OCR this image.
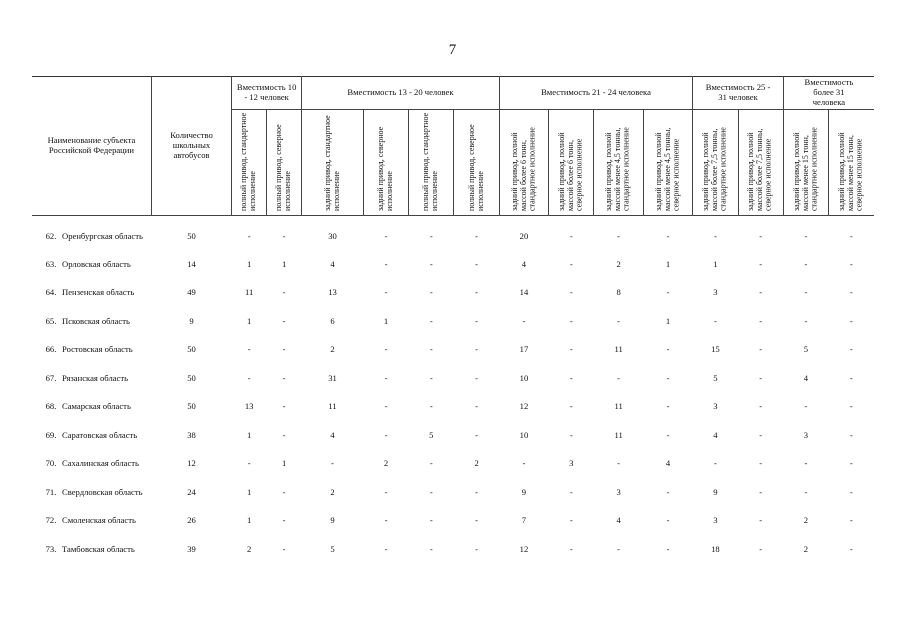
7
Наименование субъекта Российской Федерации	Количество школьных автобусов	Вместимость 10 - 12 человек		Вместимость 13 - 20 человек				Вместимость 21 - 24 человека				Вместимость 25 - 31 человек		Вместимость более 31 человека	
		полный привод, стандартное исполнение	полный привод, северное исполнение	задний привод, стандартное исполнение	задний привод, северное исполнение	полный привод, стандартное исполнение	полный привод, северное исполнение	задний привод, полной массой более 6 тонн, стандартное исполнение	задний привод, полной массой более 6 тонн, северное исполнение	задний привод, полной массой менее 4,5 тонны, стандартное исполнение	задний привод, полной массой менее 4,5 тонны, северное исполнение	задний привод, полной массой более 7,5 тонны, стандартное исполнение	задний привод, полной массой более 7,5 тонны, северное исполнение	задний привод, полной массой менее 15 тонн, стандартное исполнение	задний привод, полной массой менее 15 тонн, северное исполнение

62. Оренбургская область	50	-	-	30	-	-	-	20	-	-	-	-	-	-	-

63. Орловская область	14	1	1	4	-	-	-	4	-	2	1	1	-	-	-

64. Пензенская область	49	11	-	13	-	-	-	14	-	8	-	3	-	-	-

65. Псковская область	9	1	-	6	1	-	-	-	-	-	1	-	-	-	-

66. Ростовская область	50	-	-	2	-	-	-	17	-	11	-	15	-	5	-

67. Рязанская область	50	-	-	31	-	-	-	10	-	-	-	5	-	4	-

68. Самарская область	50	13	-	11	-	-	-	12	-	11	-	3	-	-	-

69. Саратовская область	38	1	-	4	-	5	-	10	-	11	-	4	-	3	-

70. Сахалинская область	12	-	1	-	2	-	2	-	3	-	4	-	-	-	-

71. Свердловская область	24	1	-	2	-	-	-	9	-	3	-	9	-	-	-

72. Смоленская область	26	1	-	9	-	-	-	7	-	4	-	3	-	2	-

73. Тамбовская область	39	2	-	5	-	-	-	12	-	-	-	18	-	2	-
